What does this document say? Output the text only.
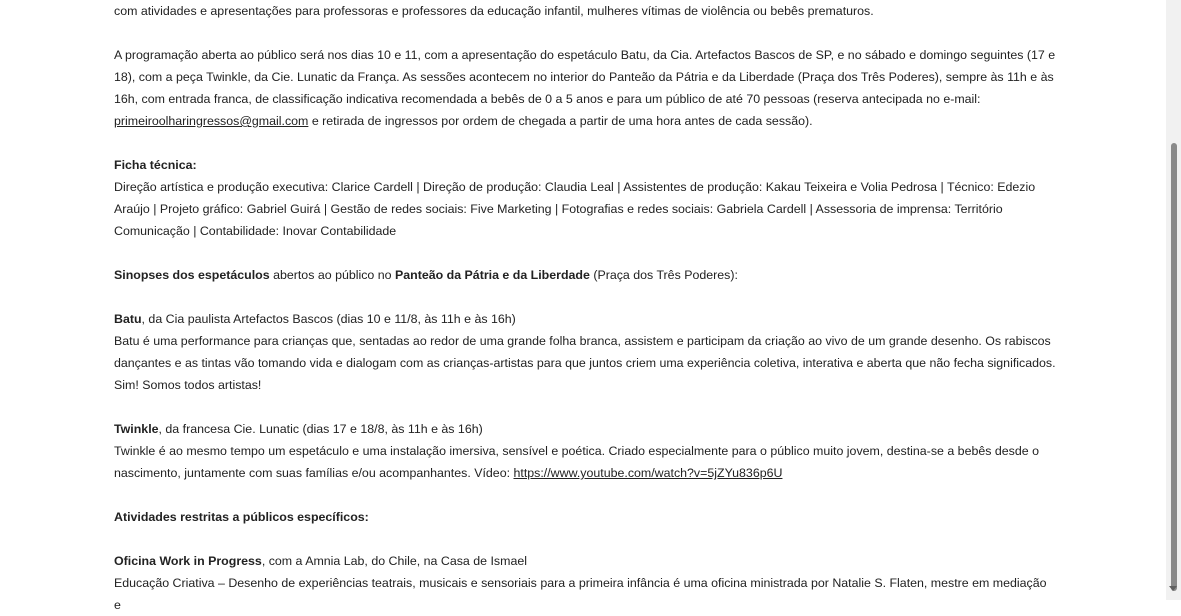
com atividades e apresentações para professoras e professores da educação infantil, mulheres vítimas de violência ou bebês prematuros.

A programação aberta ao público será nos dias 10 e 11, com a apresentação do espetáculo Batu, da Cia. Artefactos Bascos de SP, e no sábado e domingo seguintes (17 e 18), com a peça Twinkle, da Cie. Lunatic da França. As sessões acontecem no interior do Panteão da Pátria e da Liberdade (Praça dos Três Poderes), sempre às 11h e às 16h, com entrada franca, de classificação indicativa recomendada a bebês de 0 a 5 anos e para um público de até 70 pessoas (reserva antecipada no e-mail: primeiroolharingressos@gmail.com e retirada de ingressos por ordem de chegada a partir de uma hora antes de cada sessão).

Ficha técnica:

Direção artística e produção executiva: Clarice Cardell | Direção de produção: Claudia Leal | Assistentes de produção: Kakau Teixeira e Volia Pedrosa | Técnico: Edezio Araújo | Projeto gráfico: Gabriel Guirá | Gestão de redes sociais: Five Marketing | Fotografias e redes sociais: Gabriela Cardell | Assessoria de imprensa: Território Comunicação | Contabilidade: Inovar Contabilidade

Sinopses dos espetáculos abertos ao público no Panteão da Pátria e da Liberdade (Praça dos Três Poderes):

Batu, da Cia paulista Artefactos Bascos (dias 10 e 11/8, às 11h e às 16h)

Batu é uma performance para crianças que, sentadas ao redor de uma grande folha branca, assistem e participam da criação ao vivo de um grande desenho. Os rabiscos dançantes e as tintas vão tomando vida e dialogam com as crianças-artistas para que juntos criem uma experiência coletiva, interativa e aberta que não fecha significados. Sim! Somos todos artistas!

Twinkle, da francesa Cie. Lunatic (dias 17 e 18/8, às 11h e às 16h)

Twinkle é ao mesmo tempo um espetáculo e uma instalação imersiva, sensível e poética. Criado especialmente para o público muito jovem, destina-se a bebês desde o nascimento, juntamente com suas famílias e/ou acompanhantes. Vídeo: https://www.youtube.com/watch?v=5jZYu836p6U

Atividades restritas a públicos específicos:

Oficina Work in Progress, com a Amnia Lab, do Chile, na Casa de Ismael

Educação Criativa – Desenho de experiências teatrais, musicais e sensoriais para a primeira infância é uma oficina ministrada por Natalie S. Flaten, mestre em mediação e
